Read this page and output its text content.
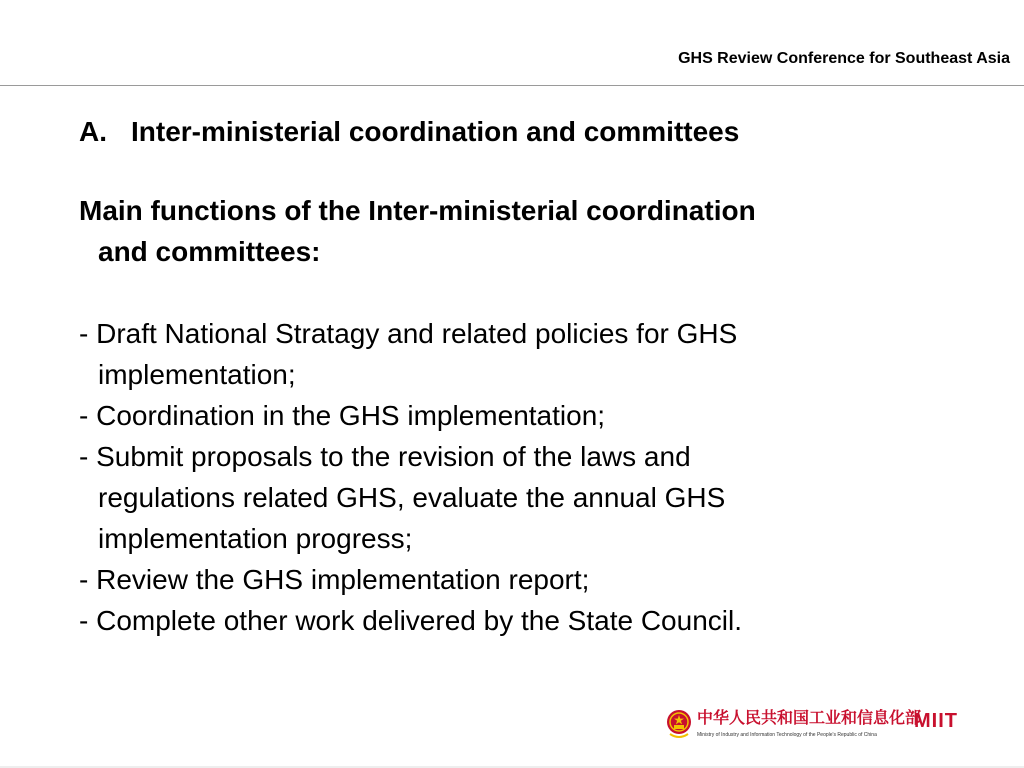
GHS Review Conference for Southeast Asia
A. Inter-ministerial coordination and committees
Main functions of the Inter-ministerial coordination
and committees:
- Draft National Stratagy and related policies for GHS
implementation;
- Coordination in the GHS implementation;
- Submit proposals to the revision of the laws and
regulations related GHS, evaluate the annual GHS
implementation progress;
- Review the GHS implementation report;
- Complete other work delivered by the State Council.
中华人民共和国工业和信息化部
Ministry of Industry and Information Technology of the People's Republic of China
MIIT
